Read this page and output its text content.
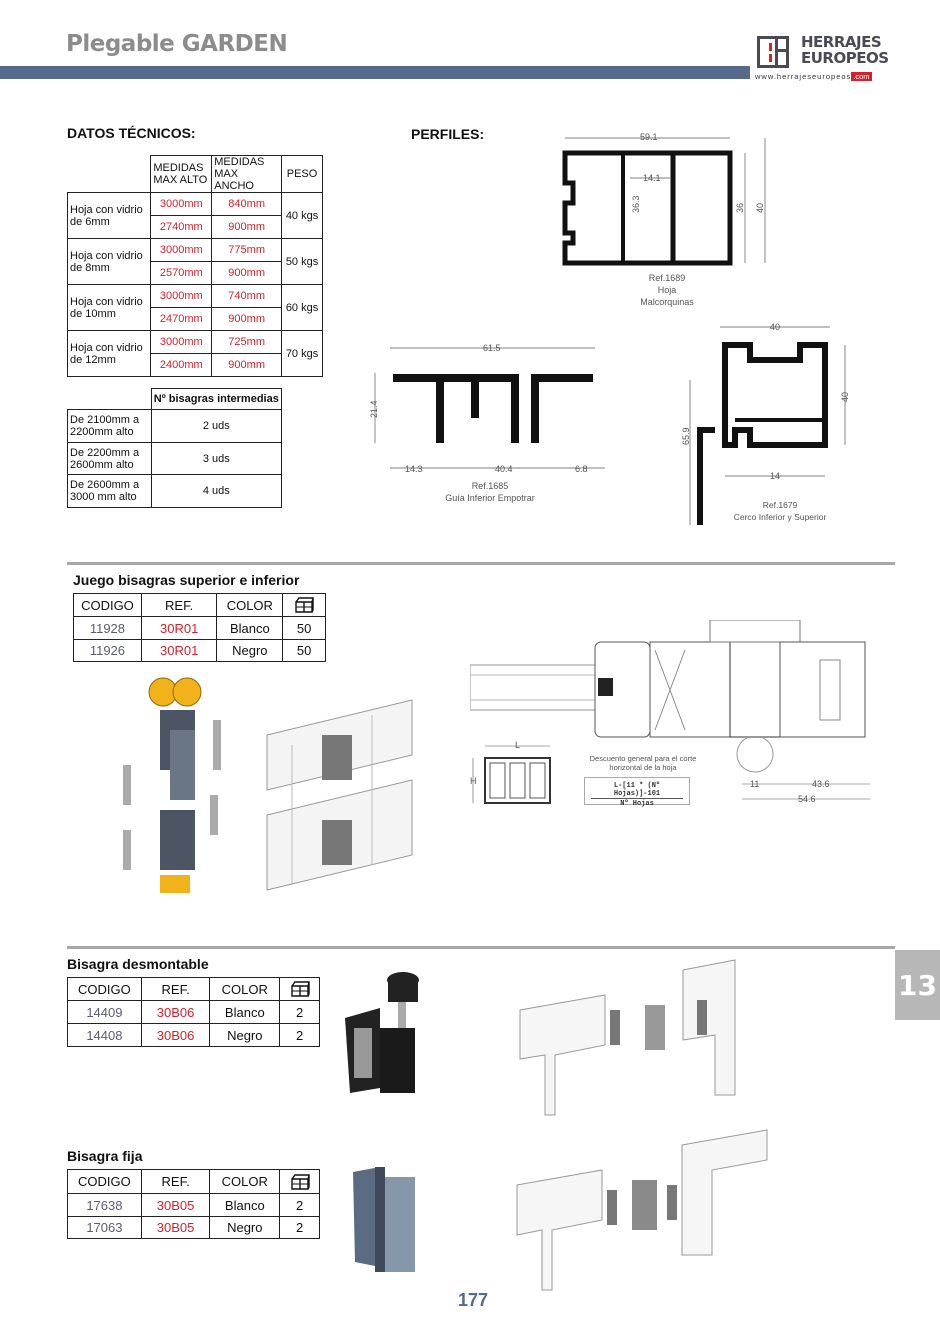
Plegable GARDEN	HERRAJES
EUROPEOS
www.herrajeseuropeos .com
DATOS TÉCNICOS:
	MEDIDAS MAX ALTO	MEDIDAS MAX ANCHO	PESO
Hoja con vidrio de 6mm	3000mm	840mm	40 kgs
	2740mm	900mm	
Hoja con vidrio de 8mm	3000mm	775mm	50 kgs
	2570mm	900mm	
Hoja con vidrio de 10mm	3000mm	740mm	60 kgs
	2470mm	900mm	
Hoja con vidrio de 12mm	3000mm	725mm	70 kgs
	2400mm	900mm	
	Nº bisagras intermedias
De 2100mm a 2200mm alto	2 uds
De 2200mm a 2600mm alto	3 uds
De 2600mm a 3000 mm alto	4 uds
PERFILES:	59.1
14.1
36.3	36 40
Ref.1689
Hoja
Malcorquinas
61.5
21.4
14.3	40.4	6.8
Ref.1685
Guía Inferior Empotrar
40
40
65.9
14
Ref.1679
Cerco Inferior y Superior
Juego bisagras superior e inferior
CODIGO	REF.	COLOR	
11928	30R01	Blanco	50
11926	30R01	Negro	50
L
H	11	43.6
54.6
Descuento general para el corte
horizontal de la hoja
L-[11 * (Nº Hojas)]-101
Nº Hojas
13
Bisagra desmontable
CODIGO	REF.	COLOR	
14409	30B06	Blanco	2
14408	30B06	Negro	2
Bisagra fija
CODIGO	REF.	COLOR	
17638	30B05	Blanco	2
17063	30B05	Negro	2
177
